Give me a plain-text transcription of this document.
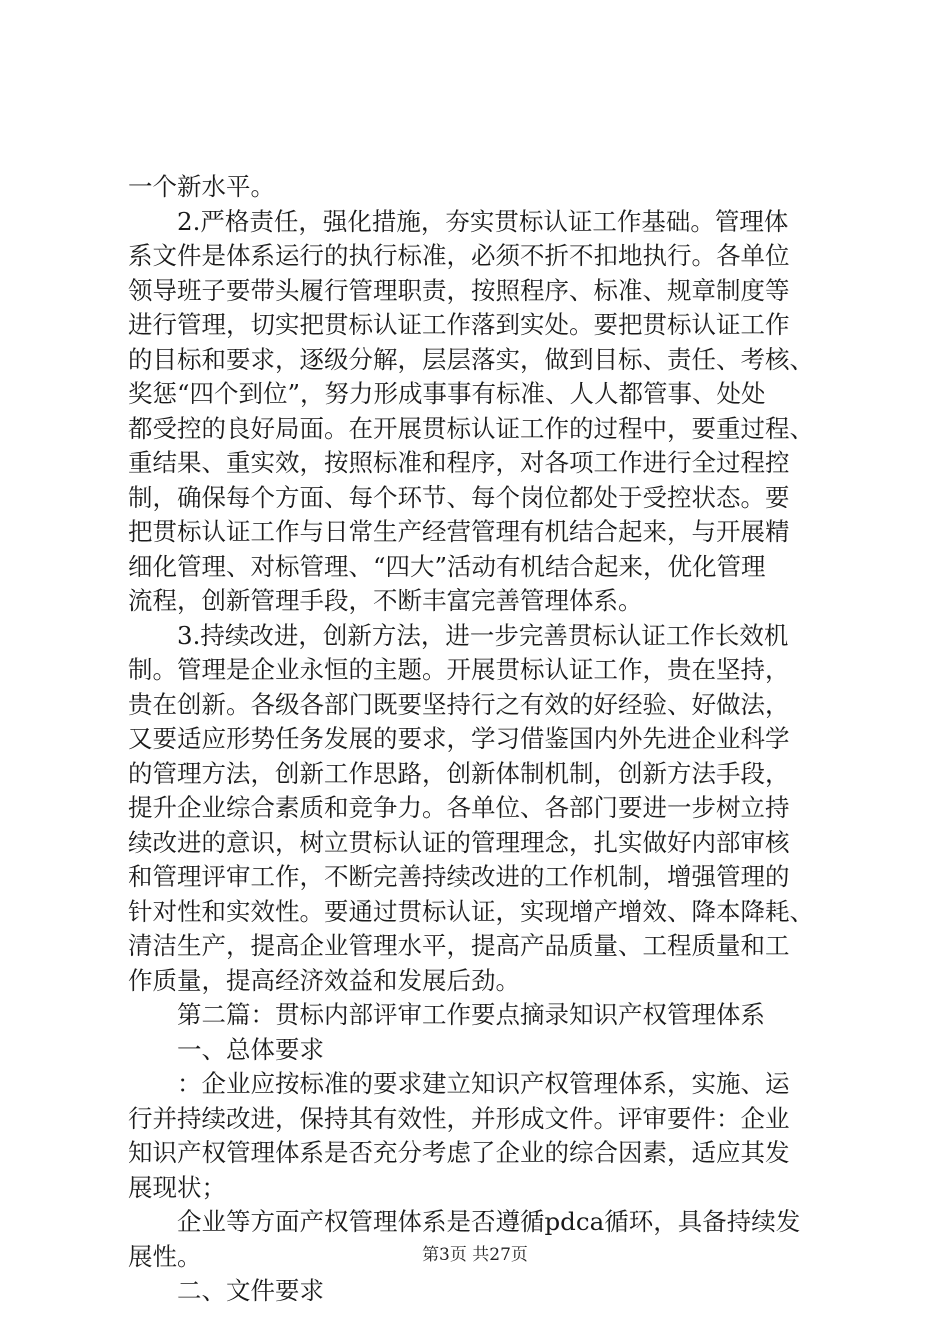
一个新水平。
　　2.严格责任，强化措施，夯实贯标认证工作基础。管理体
系文件是体系运行的执行标准，必须不折不扣地执行。各单位
领导班子要带头履行管理职责，按照程序、标准、规章制度等
进行管理，切实把贯标认证工作落到实处。要把贯标认证工作
的目标和要求，逐级分解，层层落实，做到目标、责任、考核、
奖惩“四个到位”，努力形成事事有标准、人人都管事、处处
都受控的良好局面。在开展贯标认证工作的过程中，要重过程、
重结果、重实效，按照标准和程序，对各项工作进行全过程控
制，确保每个方面、每个环节、每个岗位都处于受控状态。要
把贯标认证工作与日常生产经营管理有机结合起来，与开展精
细化管理、对标管理、“四大”活动有机结合起来，优化管理
流程，创新管理手段，不断丰富完善管理体系。
　　3.持续改进，创新方法，进一步完善贯标认证工作长效机
制。管理是企业永恒的主题。开展贯标认证工作，贵在坚持，
贵在创新。各级各部门既要坚持行之有效的好经验、好做法，
又要适应形势任务发展的要求，学习借鉴国内外先进企业科学
的管理方法，创新工作思路，创新体制机制，创新方法手段，
提升企业综合素质和竞争力。各单位、各部门要进一步树立持
续改进的意识，树立贯标认证的管理理念，扎实做好内部审核
和管理评审工作，不断完善持续改进的工作机制，增强管理的
针对性和实效性。要通过贯标认证，实现增产增效、降本降耗、
清洁生产，提高企业管理水平，提高产品质量、工程质量和工
作质量，提高经济效益和发展后劲。
　　第二篇：贯标内部评审工作要点摘录知识产权管理体系
　　一、总体要求
　　：企业应按标准的要求建立知识产权管理体系，实施、运
行并持续改进，保持其有效性，并形成文件。评审要件：企业
知识产权管理体系是否充分考虑了企业的综合因素，适应其发
展现状；
　　企业等方面产权管理体系是否遵循pdca循环，具备持续发
展性。
　　二、文件要求
第3页 共27页
